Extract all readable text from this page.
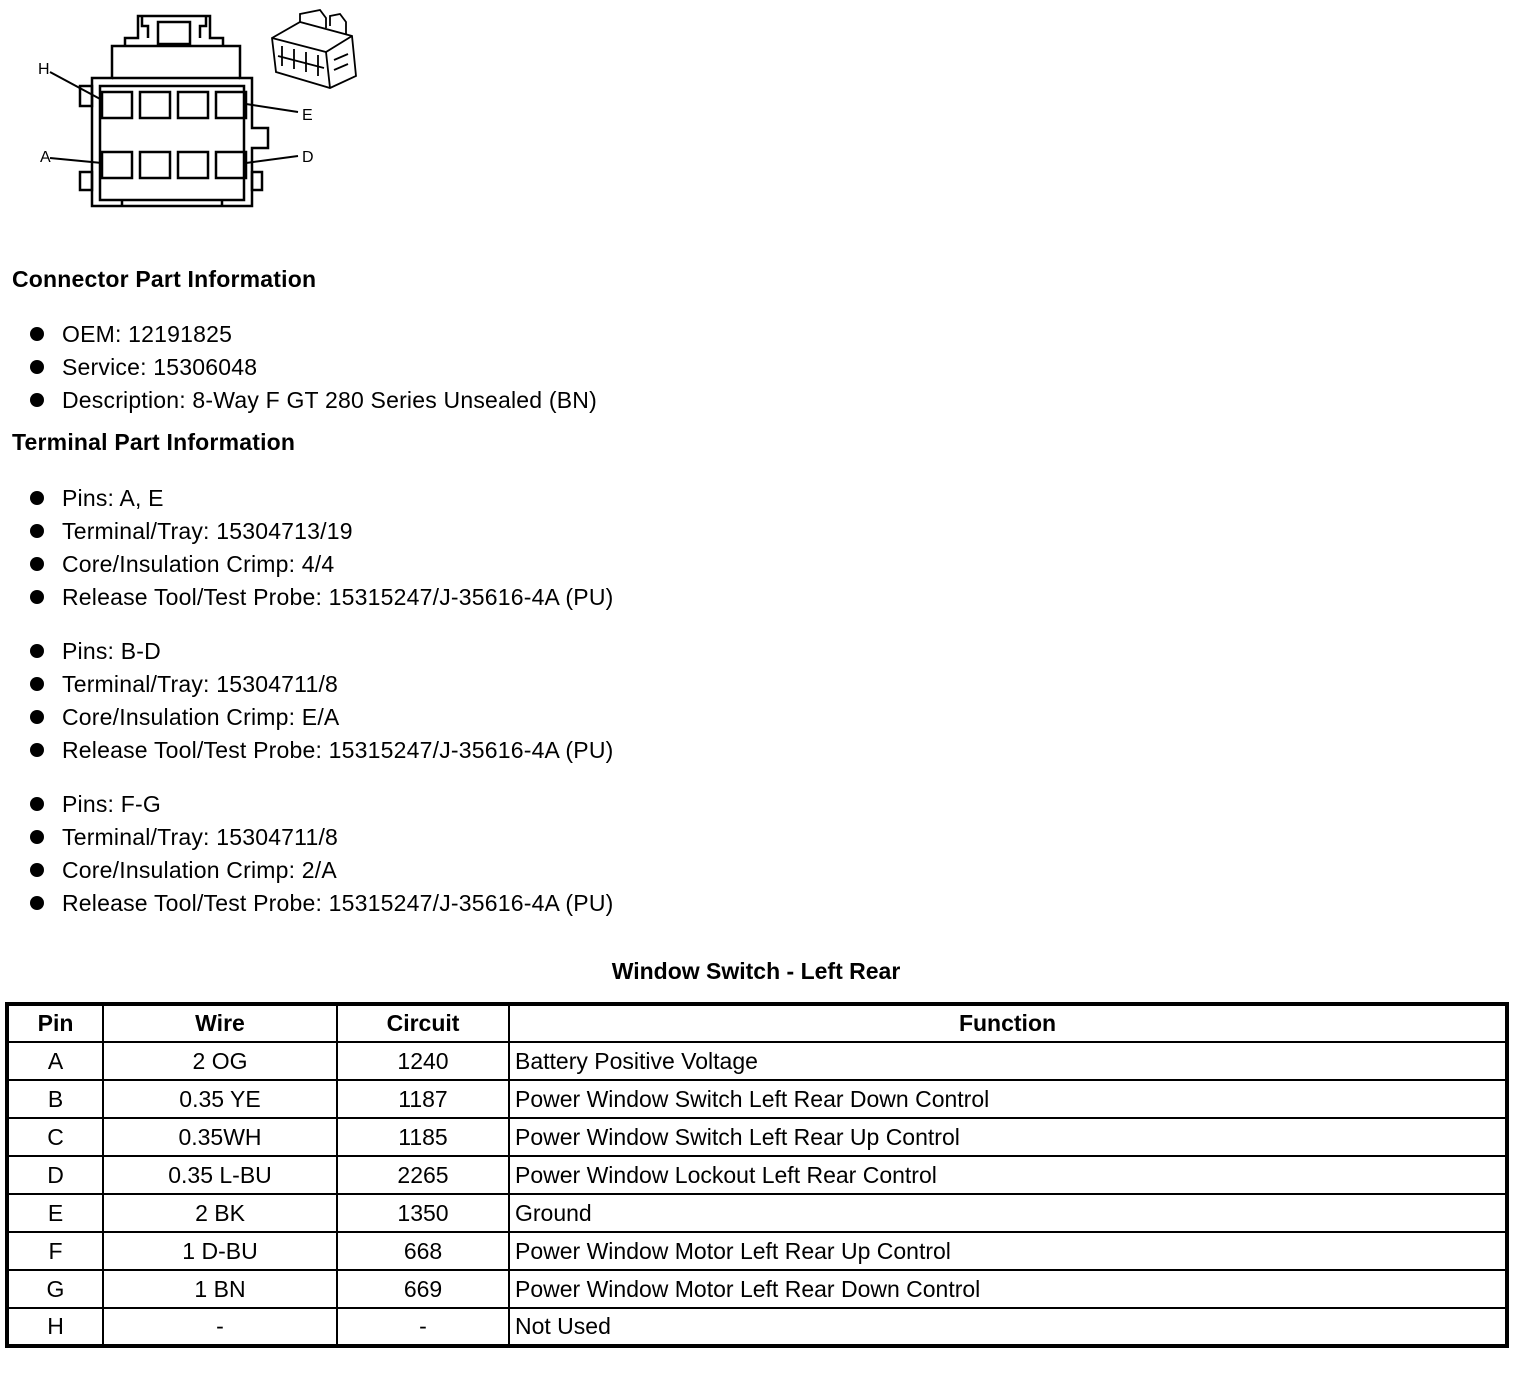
H
E
A	D
Connector Part Information
OEM: 12191825
Service: 15306048
Description: 8-Way F GT 280 Series Unsealed (BN)
Terminal Part Information
Pins: A, E
Terminal/Tray: 15304713/19
Core/Insulation Crimp: 4/4
Release Tool/Test Probe: 15315247/J-35616-4A (PU)
Pins: B-D
Terminal/Tray: 15304711/8
Core/Insulation Crimp: E/A
Release Tool/Test Probe: 15315247/J-35616-4A (PU)
Pins: F-G
Terminal/Tray: 15304711/8
Core/Insulation Crimp: 2/A
Release Tool/Test Probe: 15315247/J-35616-4A (PU)
Window Switch - Left Rear
Pin	Wire	Circuit	Function
A	2 OG	1240	Battery Positive Voltage
B	0.35 YE	1187	Power Window Switch Left Rear Down Control
C	0.35WH	1185	Power Window Switch Left Rear Up Control
D	0.35 L-BU	2265	Power Window Lockout Left Rear Control
E	2 BK	1350	Ground
F	1 D-BU	668	Power Window Motor Left Rear Up Control
G	1 BN	669	Power Window Motor Left Rear Down Control
H	-	-	Not Used
